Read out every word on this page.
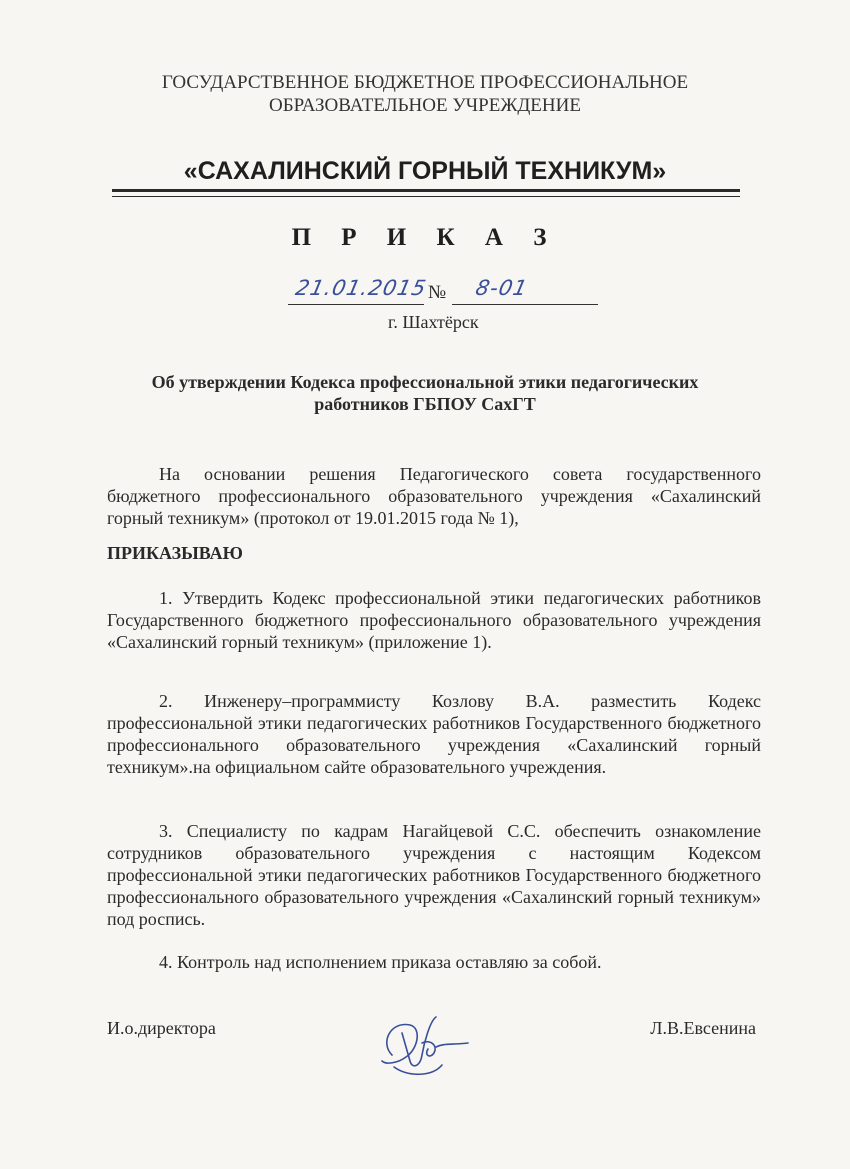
ГОСУДАРСТВЕННОЕ БЮДЖЕТНОЕ ПРОФЕССИОНАЛЬНОЕ
ОБРАЗОВАТЕЛЬНОЕ УЧРЕЖДЕНИЕ
«САХАЛИНСКИЙ ГОРНЫЙ ТЕХНИКУМ»
П Р И К А З
21.01.2015 № 8-01
г. Шахтёрск
Об утверждении Кодекса профессиональной этики педагогических
работников ГБПОУ СахГТ
На основании решения Педагогического совета государственного бюджетного профессионального образовательного учреждения «Сахалинский горный техникум» (протокол от 19.01.2015 года № 1),
ПРИКАЗЫВАЮ
1. Утвердить Кодекс профессиональной этики педагогических работников Государственного бюджетного профессионального образовательного учреждения «Сахалинский горный техникум» (приложение 1).
2. Инженеру–программисту Козлову В.А. разместить Кодекс профессиональной этики педагогических работников Государственного бюджетного профессионального образовательного учреждения «Сахалинский горный техникум».на официальном сайте образовательного учреждения.
3. Специалисту по кадрам Нагайцевой С.С. обеспечить ознакомление сотрудников образовательного учреждения с настоящим Кодексом профессиональной этики педагогических работников Государственного бюджетного профессионального образовательного учреждения «Сахалинский горный техникум» под роспись.
4. Контроль над исполнением приказа оставляю за собой.
И.о.директора	Л.В.Евсенина
